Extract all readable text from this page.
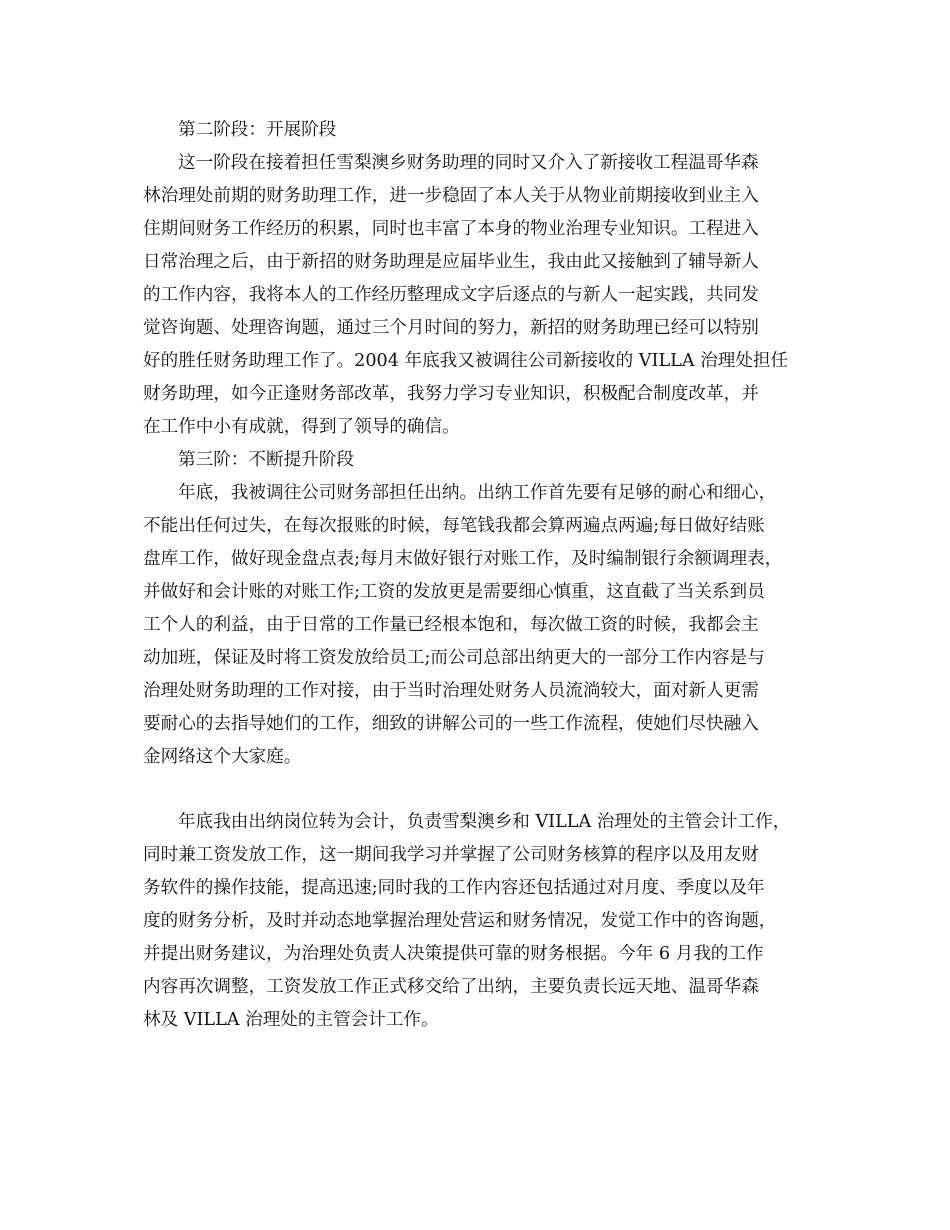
第二阶段：开展阶段
这一阶段在接着担任雪梨澳乡财务助理的同时又介入了新接收工程温哥华森
林治理处前期的财务助理工作，进一步稳固了本人关于从物业前期接收到业主入
住期间财务工作经历的积累，同时也丰富了本身的物业治理专业知识。工程进入
日常治理之后，由于新招的财务助理是应届毕业生，我由此又接触到了辅导新人
的工作内容，我将本人的工作经历整理成文字后逐点的与新人一起实践，共同发
觉咨询题、处理咨询题，通过三个月时间的努力，新招的财务助理已经可以特别
好的胜任财务助理工作了。2004 年底我又被调往公司新接收的 VILLA 治理处担任
财务助理，如今正逢财务部改革，我努力学习专业知识，积极配合制度改革，并
在工作中小有成就，得到了领导的确信。
第三阶：不断提升阶段
年底，我被调往公司财务部担任出纳。出纳工作首先要有足够的耐心和细心，
不能出任何过失，在每次报账的时候，每笔钱我都会算两遍点两遍;每日做好结账
盘库工作，做好现金盘点表;每月末做好银行对账工作，及时编制银行余额调理表，
并做好和会计账的对账工作;工资的发放更是需要细心慎重，这直截了当关系到员
工个人的利益，由于日常的工作量已经根本饱和，每次做工资的时候，我都会主
动加班，保证及时将工资发放给员工;而公司总部出纳更大的一部分工作内容是与
治理处财务助理的工作对接，由于当时治理处财务人员流淌较大，面对新人更需
要耐心的去指导她们的工作，细致的讲解公司的一些工作流程，使她们尽快融入
金网络这个大家庭。
年底我由出纳岗位转为会计，负责雪梨澳乡和 VILLA 治理处的主管会计工作，
同时兼工资发放工作，这一期间我学习并掌握了公司财务核算的程序以及用友财
务软件的操作技能，提高迅速;同时我的工作内容还包括通过对月度、季度以及年
度的财务分析，及时并动态地掌握治理处营运和财务情况，发觉工作中的咨询题，
并提出财务建议，为治理处负责人决策提供可靠的财务根据。今年 6 月我的工作
内容再次调整，工资发放工作正式移交给了出纳，主要负责长远天地、温哥华森
林及 VILLA 治理处的主管会计工作。
